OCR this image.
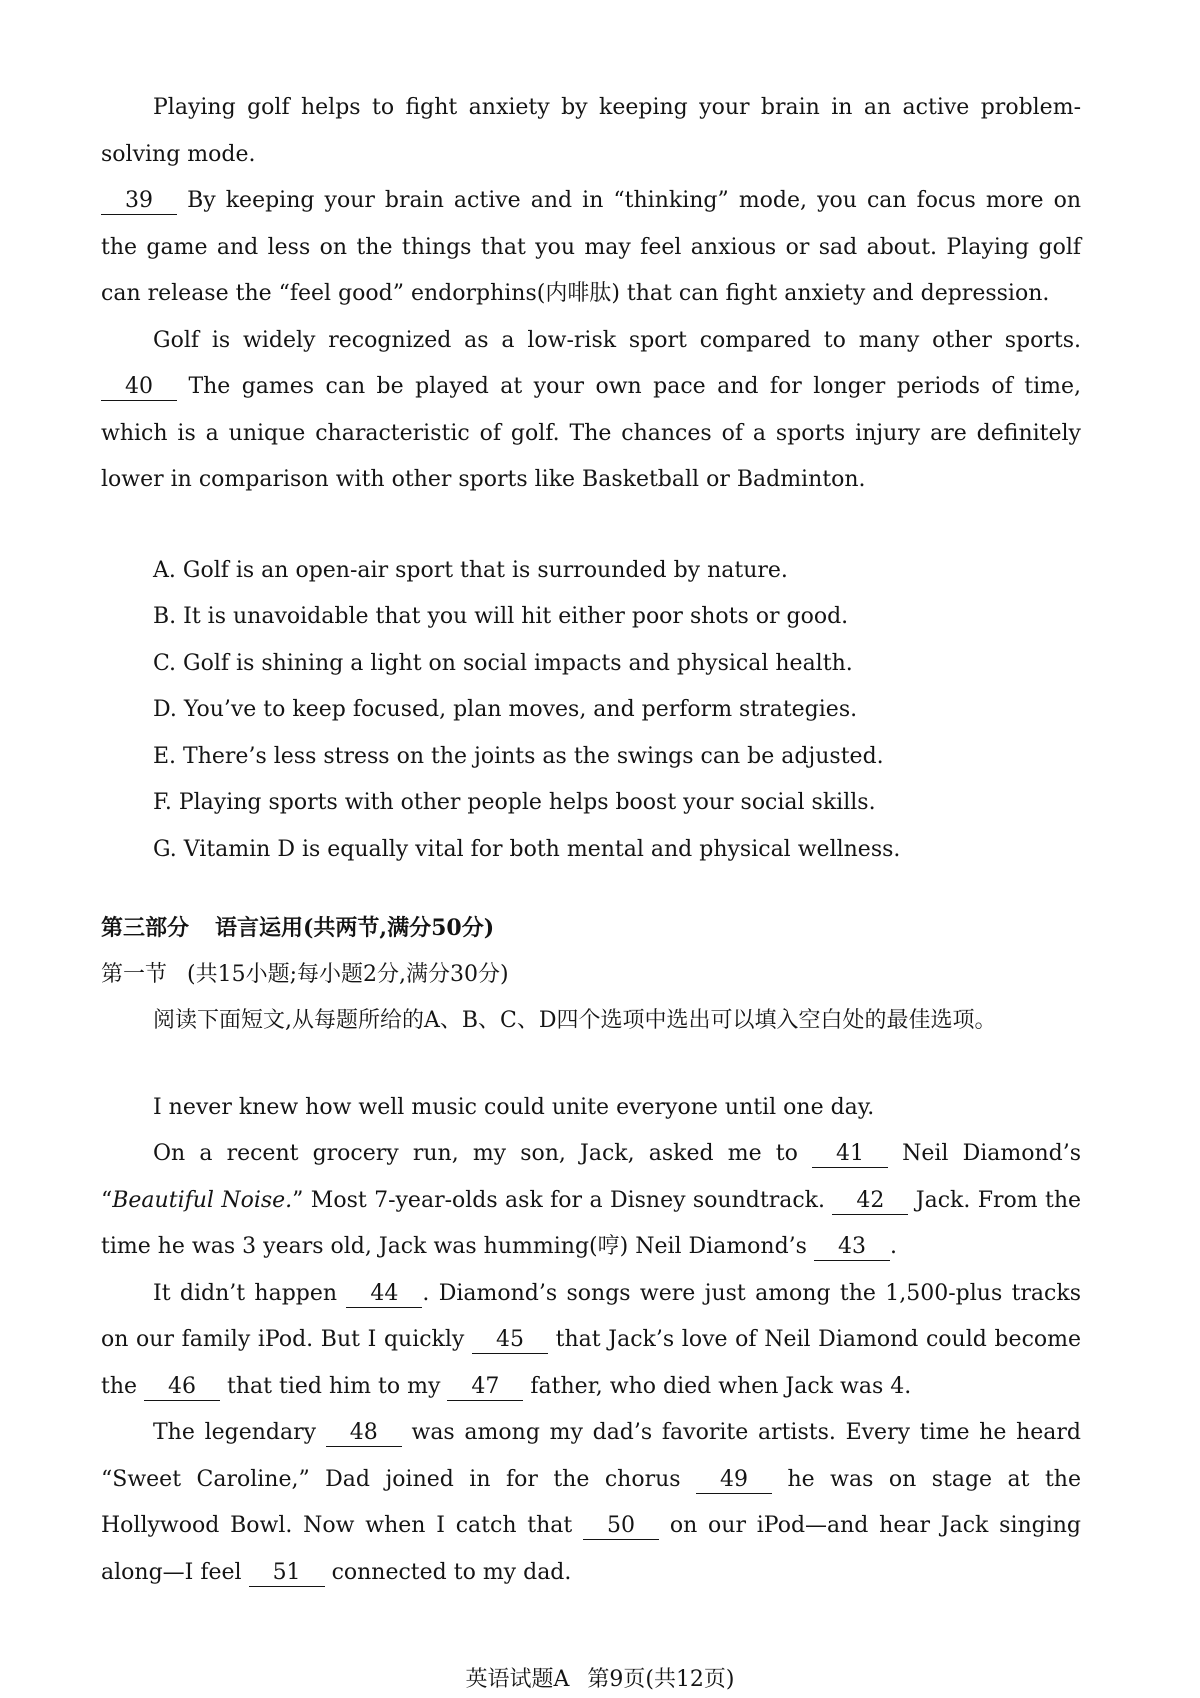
Playing golf helps to fight anxiety by keeping your brain in an active problem-solving mode.
39 By keeping your brain active and in “thinking” mode, you can focus more on the game and less on the things that you may feel anxious or sad about. Playing golf can release the “feel good” endorphins(内啡肽) that can fight anxiety and depression.

Golf is widely recognized as a low-risk sport compared to many other sports. 40 The games can be played at your own pace and for longer periods of time, which is a unique characteristic of golf. The chances of a sports injury are definitely lower in comparison with other sports like Basketball or Badminton.

A. Golf is an open-air sport that is surrounded by nature.
B. It is unavoidable that you will hit either poor shots or good.
C. Golf is shining a light on social impacts and physical health.
D. You’ve to keep focused, plan moves, and perform strategies.
E. There’s less stress on the joints as the swings can be adjusted.
F. Playing sports with other people helps boost your social skills.
G. Vitamin D is equally vital for both mental and physical wellness.

第三部分 语言运用(共两节,满分50分)

第一节 (共15小题;每小题2分,满分30分)

阅读下面短文,从每题所给的A、B、C、D四个选项中选出可以填入空白处的最佳选项。

I never knew how well music could unite everyone until one day.

On a recent grocery run, my son, Jack, asked me to 41 Neil Diamond’s “Beautiful Noise.” Most 7-year-olds ask for a Disney soundtrack. 42 Jack. From the time he was 3 years old, Jack was humming(哼) Neil Diamond’s 43 .

It didn’t happen 44 . Diamond’s songs were just among the 1,500-plus tracks on our family iPod. But I quickly 45 that Jack’s love of Neil Diamond could become the 46 that tied him to my 47 father, who died when Jack was 4.

The legendary 48 was among my dad’s favorite artists. Every time he heard “Sweet Caroline,” Dad joined in for the chorus 49 he was on stage at the Hollywood Bowl. Now when I catch that 50 on our iPod—and hear Jack singing along—I feel 51 connected to my dad.

英语试题A 第9页(共12页)
